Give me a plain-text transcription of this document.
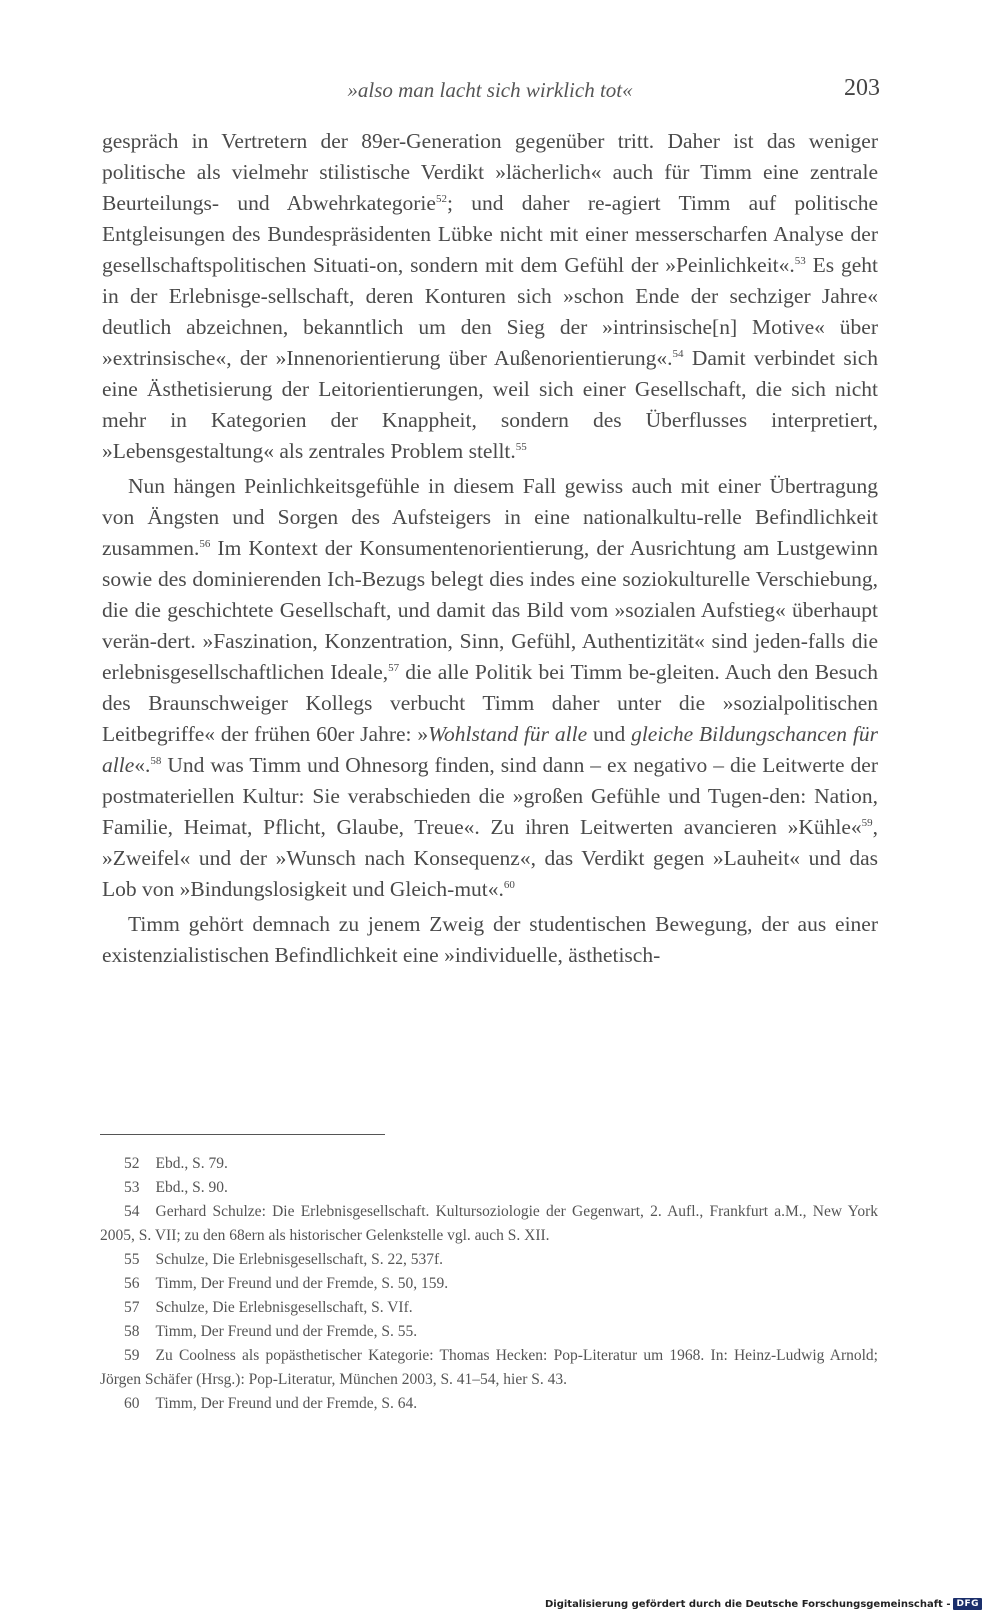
»also man lacht sich wirklich tot«	203

gespräch in Vertretern der 89er-Generation gegenüber tritt. Daher ist das weniger politische als vielmehr stilistische Verdikt »lächerlich« auch für Timm eine zentrale Beurteilungs- und Abwehrkategorie$^{52}$; und daher re-agiert Timm auf politische Entgleisungen des Bundespräsidenten Lübke nicht mit einer messerscharfen Analyse der gesellschaftspolitischen Situati-on, sondern mit dem Gefühl der »Peinlichkeit«.$^{53}$ Es geht in der Erlebnisge-sellschaft, deren Konturen sich »schon Ende der sechziger Jahre« deutlich abzeichnen, bekanntlich um den Sieg der »intrinsische[n] Motive« über »extrinsische«, der »Innenorientierung über Außenorientierung«.$^{54}$ Damit verbindet sich eine Ästhetisierung der Leitorientierungen, weil sich einer Gesellschaft, die sich nicht mehr in Kategorien der Knappheit, sondern des Überflusses interpretiert, »Lebensgestaltung« als zentrales Problem stellt.$^{55}$

Nun hängen Peinlichkeitsgefühle in diesem Fall gewiss auch mit einer Übertragung von Ängsten und Sorgen des Aufsteigers in eine nationalkultu-relle Befindlichkeit zusammen.$^{56}$ Im Kontext der Konsumentenorientierung, der Ausrichtung am Lustgewinn sowie des dominierenden Ich-Bezugs belegt dies indes eine soziokulturelle Verschiebung, die die geschichtete Gesellschaft, und damit das Bild vom »sozialen Aufstieg« überhaupt verän-dert. »Faszination, Konzentration, Sinn, Gefühl, Authentizität« sind jeden-falls die erlebnisgesellschaftlichen Ideale,$^{57}$ die alle Politik bei Timm be-gleiten. Auch den Besuch des Braunschweiger Kollegs verbucht Timm daher unter die »sozialpolitischen Leitbegriffe« der frühen 60er Jahre: »Wohlstand für alle und gleiche Bildungschancen für alle«.$^{58}$ Und was Timm und Ohnesorg finden, sind dann – ex negativo – die Leitwerte der postmateriellen Kultur: Sie verabschieden die »großen Gefühle und Tugen-den: Nation, Familie, Heimat, Pflicht, Glaube, Treue«. Zu ihren Leitwerten avancieren »Kühle«$^{59}$, »Zweifel« und der »Wunsch nach Konsequenz«, das Verdikt gegen »Lauheit« und das Lob von »Bindungslosigkeit und Gleich-mut«.$^{60}$

Timm gehört demnach zu jenem Zweig der studentischen Bewegung, der aus einer existenzialistischen Befindlichkeit eine »individuelle, ästhetisch-

52 Ebd., S. 79.
53 Ebd., S. 90.
54 Gerhard Schulze: Die Erlebnisgesellschaft. Kultursoziologie der Gegenwart, 2. Aufl., Frankfurt a.M., New York 2005, S. VII; zu den 68ern als historischer Gelenkstelle vgl. auch S. XII.
55 Schulze, Die Erlebnisgesellschaft, S. 22, 537f.
56 Timm, Der Freund und der Fremde, S. 50, 159.
57 Schulze, Die Erlebnisgesellschaft, S. VIf.
58 Timm, Der Freund und der Fremde, S. 55.
59 Zu Coolness als popästhetischer Kategorie: Thomas Hecken: Pop-Literatur um 1968. In: Heinz-Ludwig Arnold; Jörgen Schäfer (Hrsg.): Pop-Literatur, München 2003, S. 41–54, hier S. 43.
60 Timm, Der Freund und der Fremde, S. 64.
Digitalisierung gefördert durch die Deutsche Forschungsgemeinschaft - DFG
